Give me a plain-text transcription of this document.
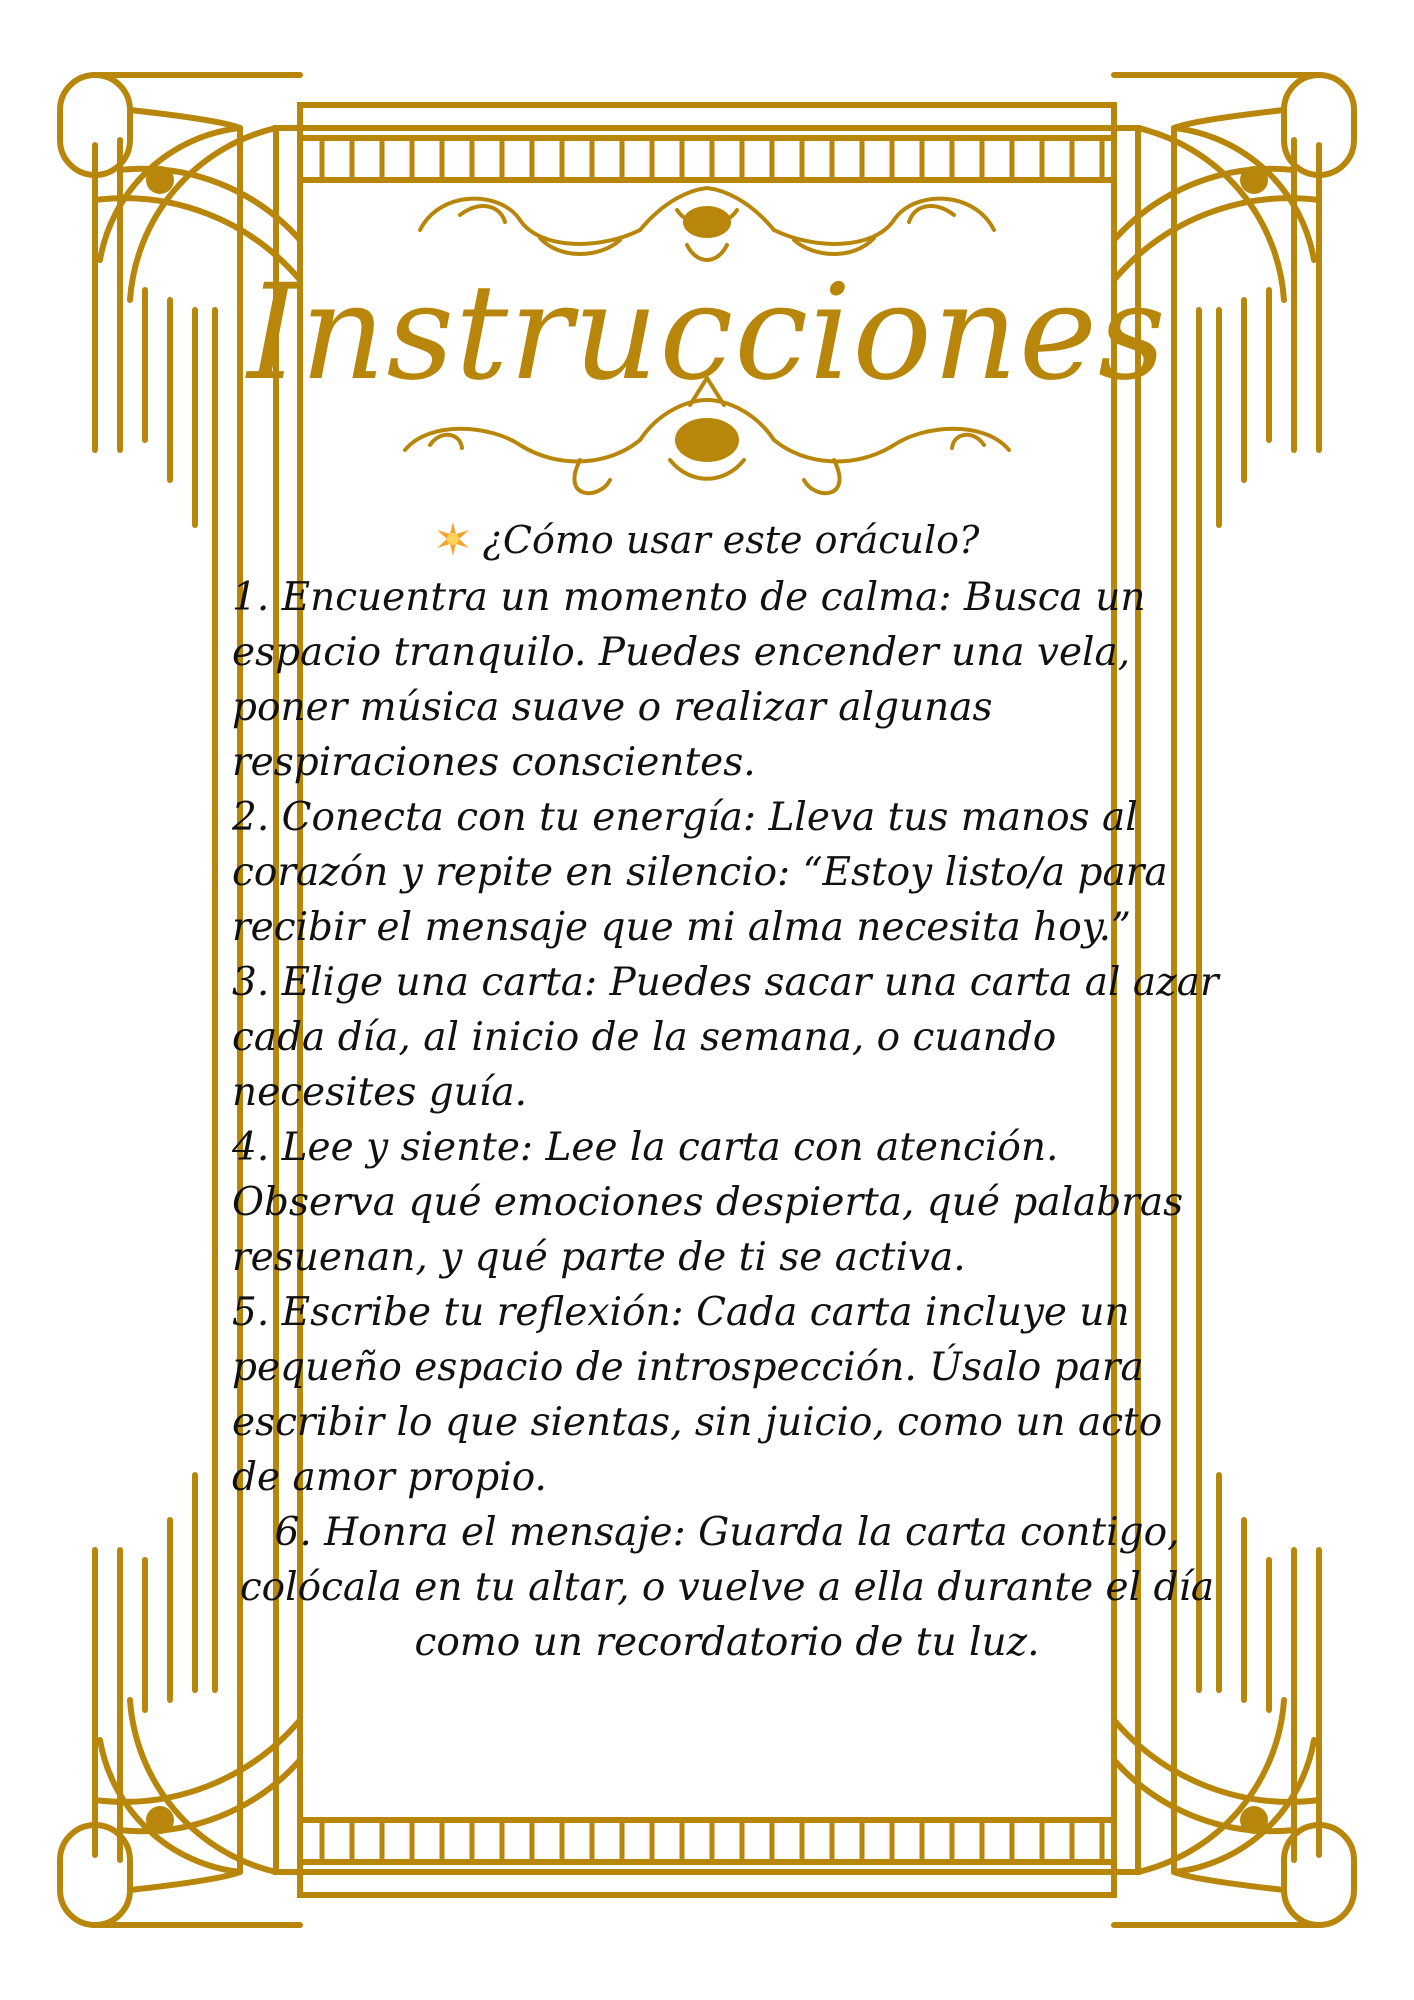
Instrucciones
¿Cómo usar este oráculo?

1. Encuentra un momento de calma: Busca un espacio tranquilo. Puedes encender una vela, poner música suave o realizar algunas respiraciones conscientes.

2. Conecta con tu energía: Lleva tus manos al corazón y repite en silencio: “Estoy listo/a para recibir el mensaje que mi alma necesita hoy.”

3. Elige una carta: Puedes sacar una carta al azar cada día, al inicio de la semana, o cuando necesites guía.

4. Lee y siente: Lee la carta con atención. Observa qué emociones despierta, qué palabras resuenan, y qué parte de ti se activa.

5. Escribe tu reflexión: Cada carta incluye un pequeño espacio de introspección. Úsalo para escribir lo que sientas, sin juicio, como un acto de amor propio.

6. Honra el mensaje: Guarda la carta contigo, colócala en tu altar, o vuelve a ella durante el día como un recordatorio de tu luz.
